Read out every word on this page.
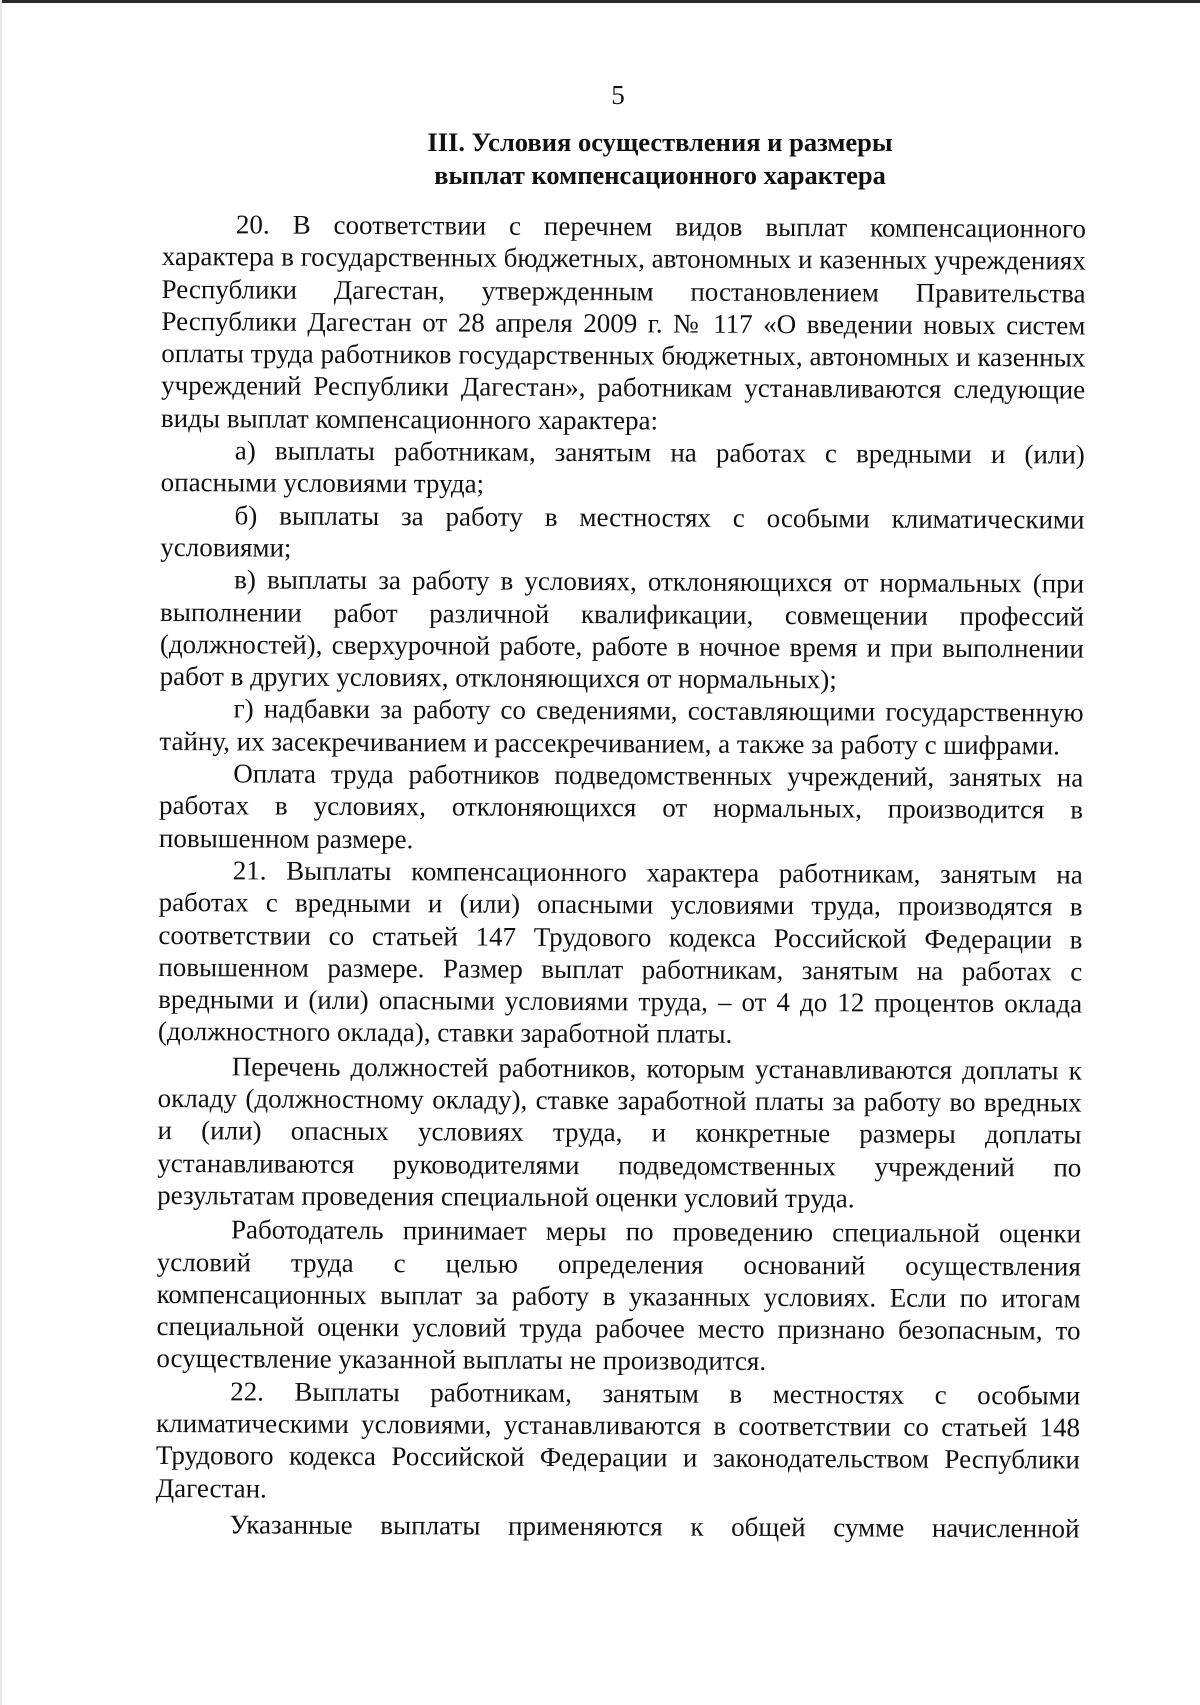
5
III. Условия осуществления и размеры
выплат компенсационного характера

20. В соответствии с перечнем видов выплат компенсационного характера в государственных бюджетных, автономных и казенных учреждениях Республики Дагестан, утвержденным постановлением Правительства Республики Дагестан от 28 апреля 2009 г. № 117 «О введении новых систем оплаты труда работников государственных бюджетных, автономных и казенных учреждений Республики Дагестан», работникам устанавливаются следующие виды выплат компенсационного характера:

а) выплаты работникам, занятым на работах с вредными и (или) опасными условиями труда;

б) выплаты за работу в местностях с особыми климатическими условиями;

в) выплаты за работу в условиях, отклоняющихся от нормальных (при выполнении работ различной квалификации, совмещении профессий (должностей), сверхурочной работе, работе в ночное время и при выполнении работ в других условиях, отклоняющихся от нормальных);

г) надбавки за работу со сведениями, составляющими государственную тайну, их засекречиванием и рассекречиванием, а также за работу с шифрами.

Оплата труда работников подведомственных учреждений, занятых на работах в условиях, отклоняющихся от нормальных, производится в повышенном размере.

21. Выплаты компенсационного характера работникам, занятым на работах с вредными и (или) опасными условиями труда, производятся в соответствии со статьей 147 Трудового кодекса Российской Федерации в повышенном размере. Размер выплат работникам, занятым на работах с вредными и (или) опасными условиями труда, – от 4 до 12 процентов оклада (должностного оклада), ставки заработной платы.

Перечень должностей работников, которым устанавливаются доплаты к окладу (должностному окладу), ставке заработной платы за работу во вредных и (или) опасных условиях труда, и конкретные размеры доплаты устанавливаются руководителями подведомственных учреждений по результатам проведения специальной оценки условий труда.

Работодатель принимает меры по проведению специальной оценки условий труда с целью определения оснований осуществления компенсационных выплат за работу в указанных условиях. Если по итогам специальной оценки условий труда рабочее место признано безопасным, то осуществление указанной выплаты не производится.

22. Выплаты работникам, занятым в местностях с особыми климатическими условиями, устанавливаются в соответствии со статьей 148 Трудового кодекса Российской Федерации и законодательством Республики Дагестан.

Указанные выплаты применяются к общей сумме начисленной
